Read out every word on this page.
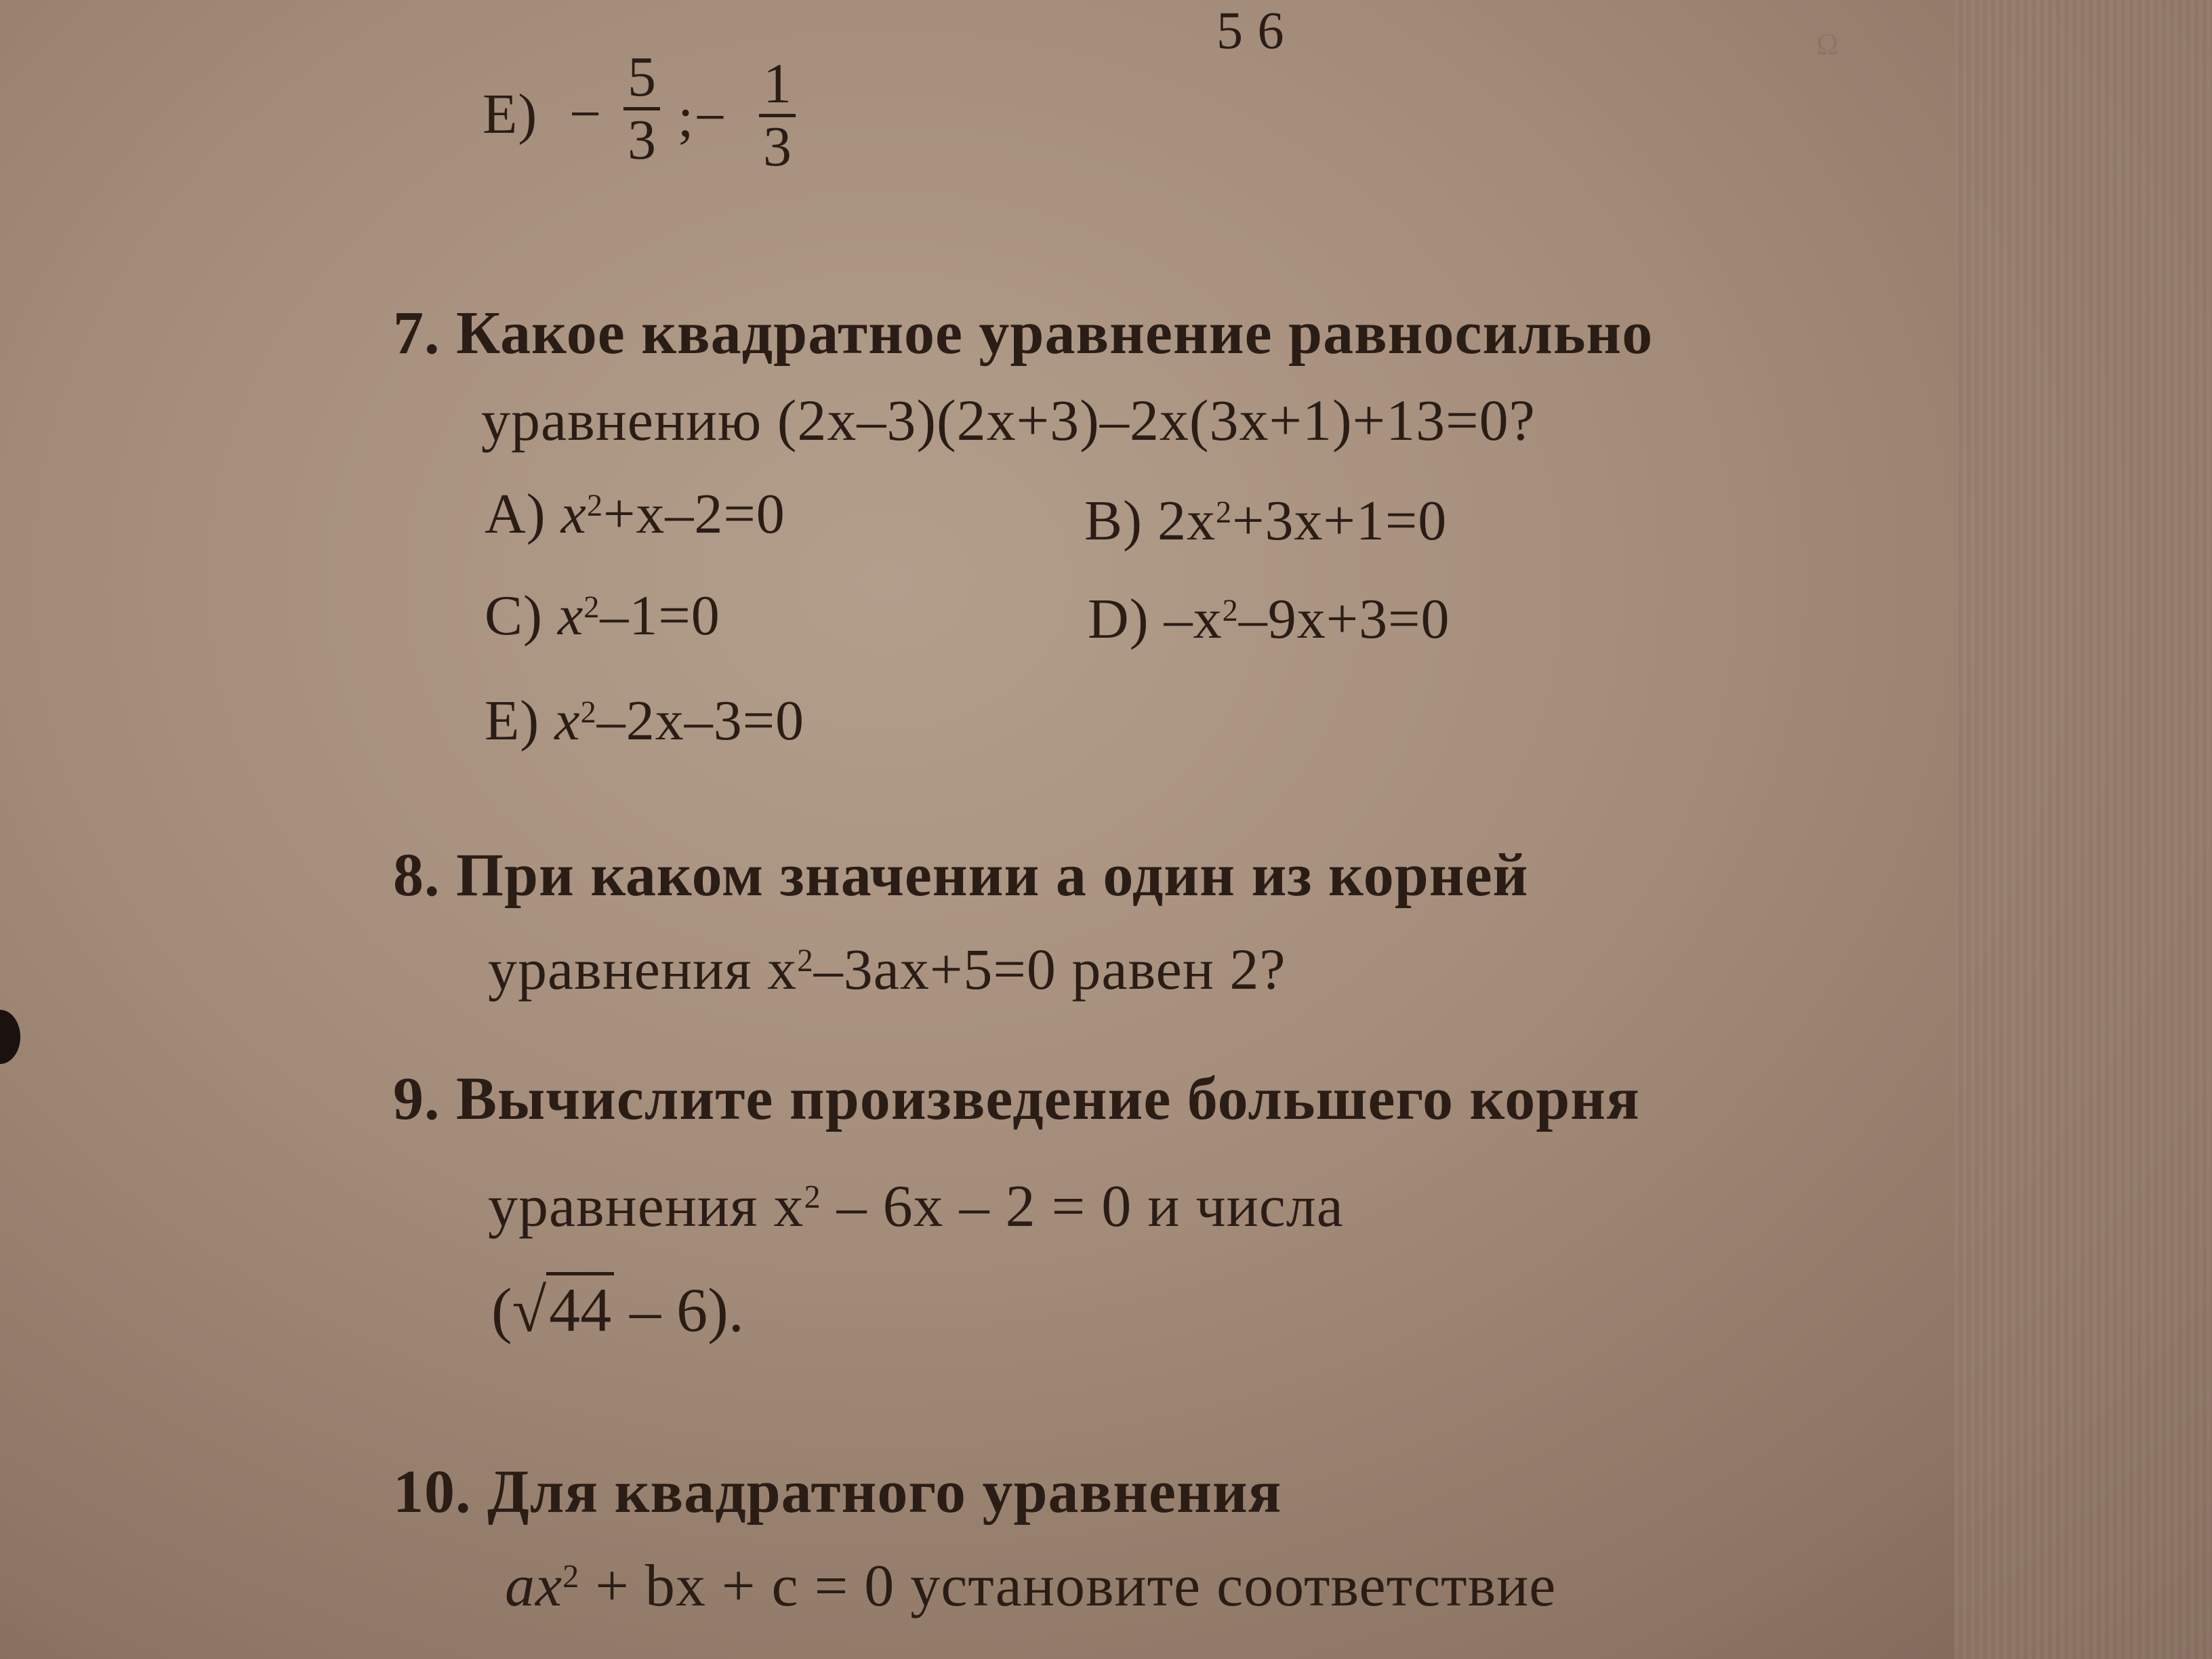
Ω
5 6
$E) - \frac{5}{3}$ ;− $\frac{1}{3}$
7. Какое квадратное уравнение равносильно
уравнению (2x–3)(2x+3)–2x(3x+1)+13=0?
A) $x^2+x-2=0$	B) $2x^2+3x+1=0$
C) $x^2-1=0$	D) $-x^2-9x+3=0$
E) $x^2-2x-3=0$
8. При каком значении a один из корней
уравнения $x^2-3ax+5=0$ равен 2?
9. Вычислите произведение большего корня
уравнения $x^2 - 6x - 2 = 0$ и числа
(√44 – 6).
10. Для квадратного уравнения
$ax^2$ + bx + c = 0 установите соответствие
